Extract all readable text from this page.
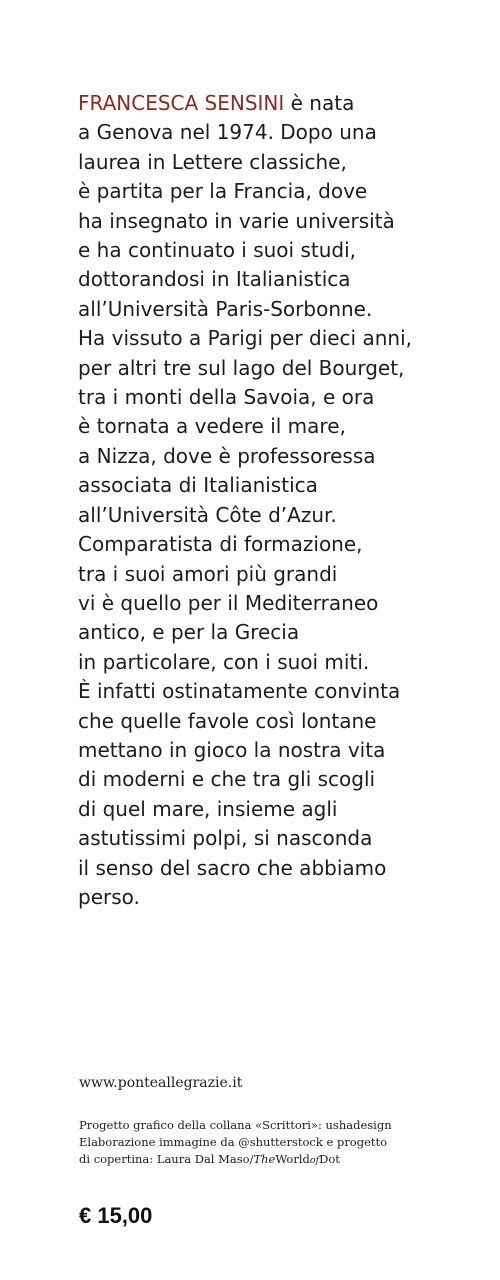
FRANCESCA SENSINI è nata
a Genova nel 1974. Dopo una
laurea in Lettere classiche,
è partita per la Francia, dove
ha insegnato in varie università
e ha continuato i suoi studi,
dottorandosi in Italianistica
all’Università Paris-Sorbonne.
Ha vissuto a Parigi per dieci anni,
per altri tre sul lago del Bourget,
tra i monti della Savoia, e ora
è tornata a vedere il mare,
a Nizza, dove è professoressa
associata di Italianistica
all’Università Côte d’Azur.
Comparatista di formazione,
tra i suoi amori più grandi
vi è quello per il Mediterraneo
antico, e per la Grecia
in particolare, con i suoi miti.
È infatti ostinatamente convinta
che quelle favole così lontane
mettano in gioco la nostra vita
di moderni e che tra gli scogli
di quel mare, insieme agli
astutissimi polpi, si nasconda
il senso del sacro che abbiamo
perso.
www.ponteallegrazie.it
Progetto grafico della collana «Scrittori»: ushadesign
Elaborazione immagine da @shutterstock e progetto
di copertina: Laura Dal Maso/TheWorldofDot
€ 15,00
